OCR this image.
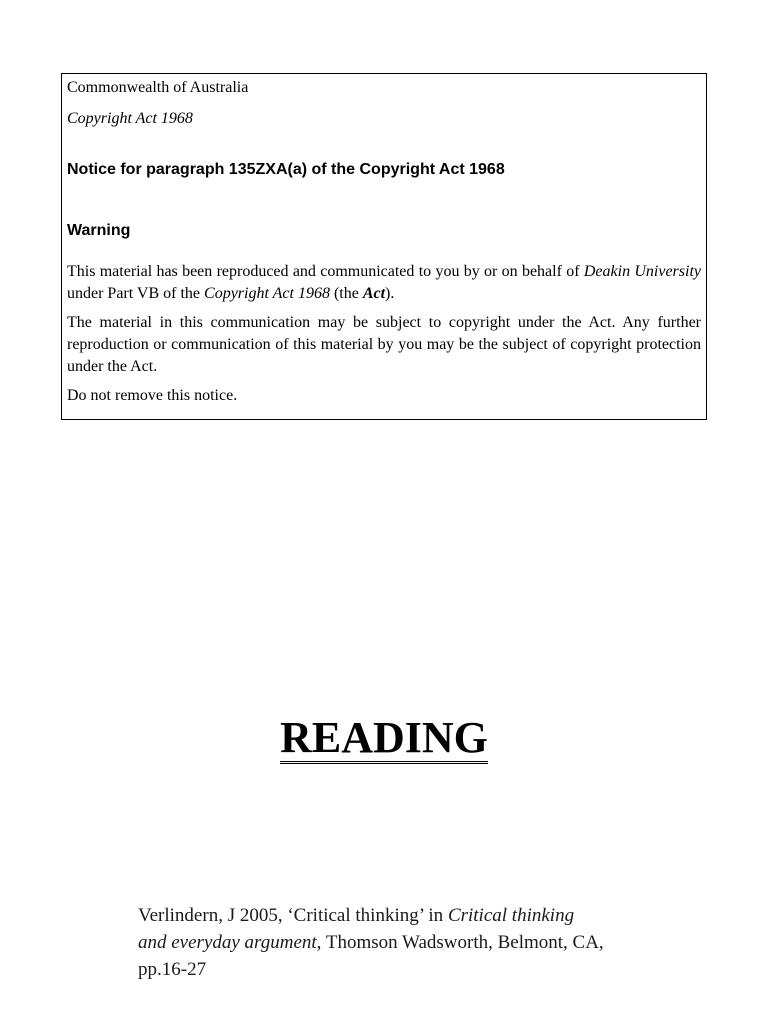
Commonwealth of Australia

Copyright Act 1968

Notice for paragraph 135ZXA(a) of the Copyright Act 1968

Warning

This material has been reproduced and communicated to you by or on behalf of Deakin University under Part VB of the Copyright Act 1968 (the Act).

The material in this communication may be subject to copyright under the Act. Any further reproduction or communication of this material by you may be the subject of copyright protection under the Act.

Do not remove this notice.

READING

Verlindern, J 2005, ‘Critical thinking’ in Critical thinking

and everyday argument, Thomson Wadsworth, Belmont, CA,

pp.16-27
